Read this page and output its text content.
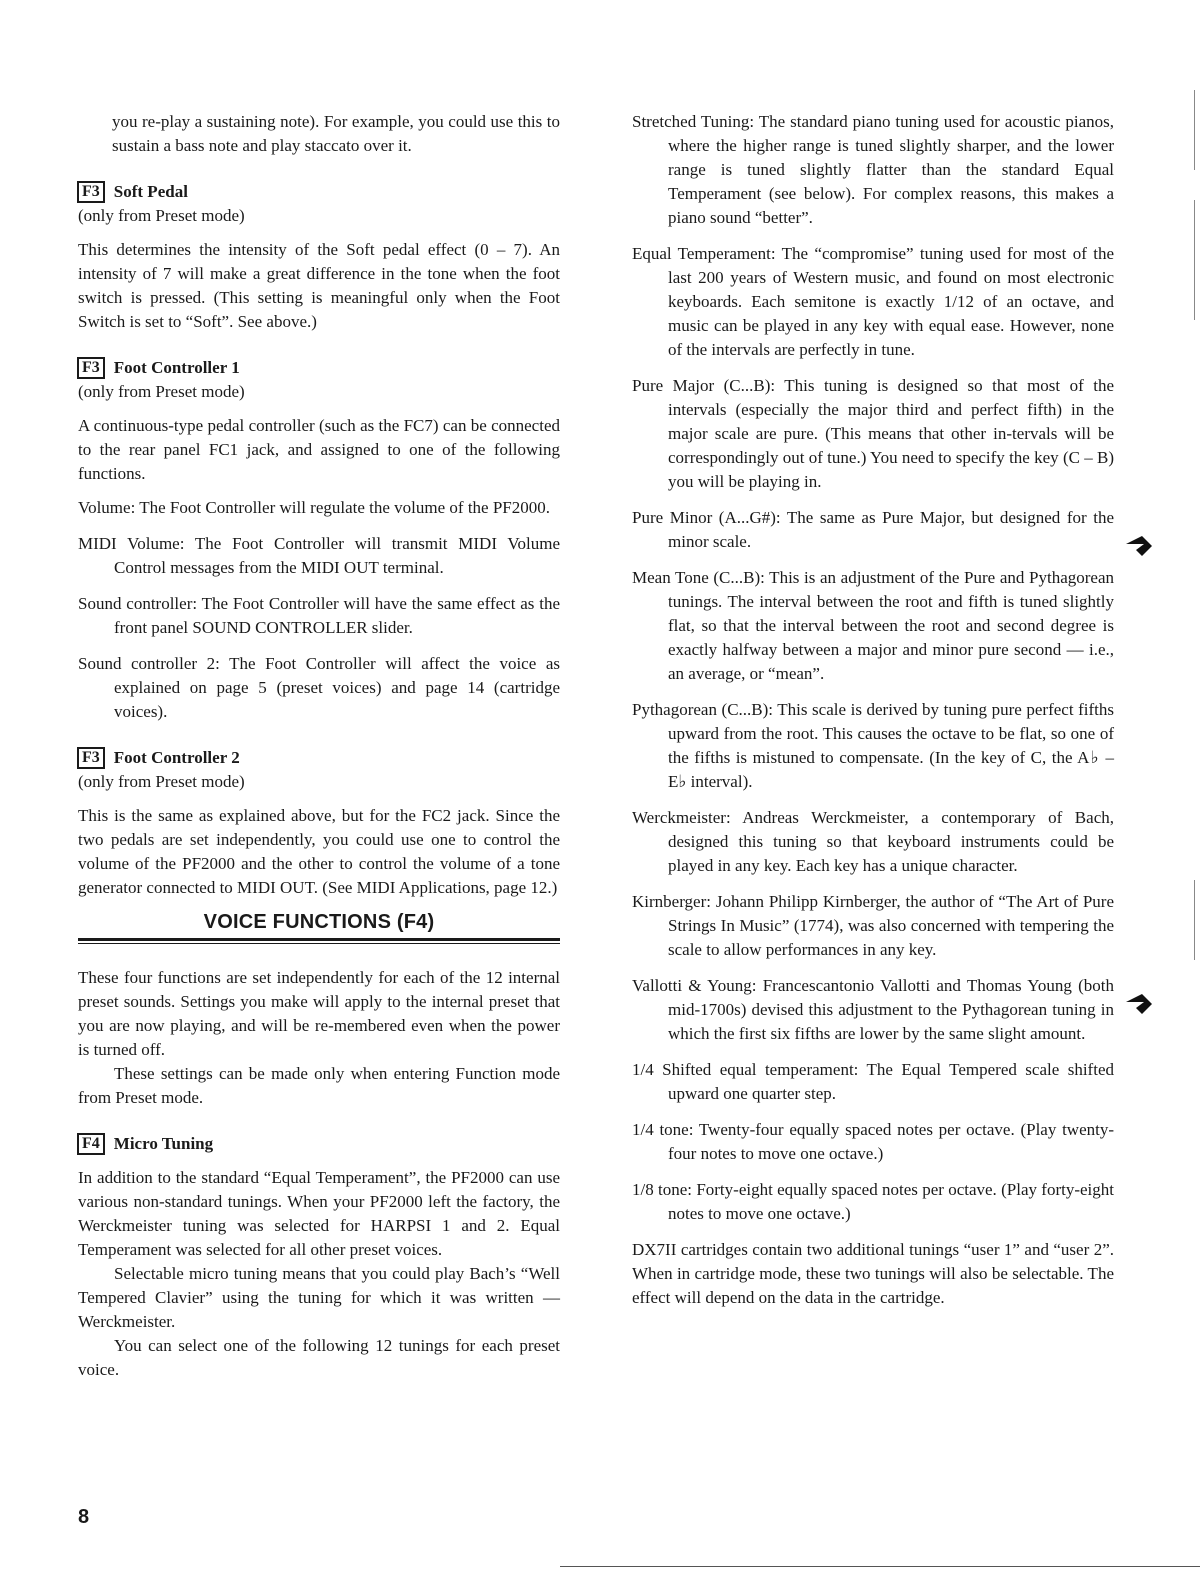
you re-play a sustaining note). For example, you could use this to sustain a bass note and play staccato over it.

F3 Soft Pedal

(only from Preset mode)

This determines the intensity of the Soft pedal effect (0 – 7). An intensity of 7 will make a great difference in the tone when the foot switch is pressed. (This setting is meaningful only when the Foot Switch is set to “Soft”. See above.)

F3 Foot Controller 1

(only from Preset mode)

A continuous-type pedal controller (such as the FC7) can be connected to the rear panel FC1 jack, and assigned to one of the following functions.

Volume: The Foot Controller will regulate the volume of the PF2000.

MIDI Volume: The Foot Controller will transmit MIDI Volume Control messages from the MIDI OUT terminal.

Sound controller: The Foot Controller will have the same effect as the front panel SOUND CONTROLLER slider.

Sound controller 2: The Foot Controller will affect the voice as explained on page 5 (preset voices) and page 14 (cartridge voices).

F3 Foot Controller 2

(only from Preset mode)

This is the same as explained above, but for the FC2 jack. Since the two pedals are set independently, you could use one to control the volume of the PF2000 and the other to control the volume of a tone generator connected to MIDI OUT. (See MIDI Applications, page 12.)

VOICE FUNCTIONS (F4)

These four functions are set independently for each of the 12 internal preset sounds. Settings you make will apply to the internal preset that you are now playing, and will be re-membered even when the power is turned off.

These settings can be made only when entering Function mode from Preset mode.

F4 Micro Tuning

In addition to the standard “Equal Temperament”, the PF2000 can use various non-standard tunings. When your PF2000 left the factory, the Werckmeister tuning was selected for HARPSI 1 and 2. Equal Temperament was selected for all other preset voices.

Selectable micro tuning means that you could play Bach’s “Well Tempered Clavier” using the tuning for which it was written — Werckmeister.

You can select one of the following 12 tunings for each preset voice.

Stretched Tuning: The standard piano tuning used for acoustic pianos, where the higher range is tuned slightly sharper, and the lower range is tuned slightly flatter than the standard Equal Temperament (see below). For complex reasons, this makes a piano sound “better”.

Equal Temperament: The “compromise” tuning used for most of the last 200 years of Western music, and found on most electronic keyboards. Each semitone is exactly 1/12 of an octave, and music can be played in any key with equal ease. However, none of the intervals are perfectly in tune.

Pure Major (C...B): This tuning is designed so that most of the intervals (especially the major third and perfect fifth) in the major scale are pure. (This means that other in-tervals will be correspondingly out of tune.) You need to specify the key (C – B) you will be playing in.

Pure Minor (A...G#): The same as Pure Major, but designed for the minor scale.

Mean Tone (C...B): This is an adjustment of the Pure and Pythagorean tunings. The interval between the root and fifth is tuned slightly flat, so that the interval between the root and second degree is exactly halfway between a major and minor pure second — i.e., an average, or “mean”.

Pythagorean (C...B): This scale is derived by tuning pure perfect fifths upward from the root. This causes the octave to be flat, so one of the fifths is mistuned to compensate. (In the key of C, the A♭ – E♭ interval).

Werckmeister: Andreas Werckmeister, a contemporary of Bach, designed this tuning so that keyboard instruments could be played in any key. Each key has a unique character.

Kirnberger: Johann Philipp Kirnberger, the author of “The Art of Pure Strings In Music” (1774), was also concerned with tempering the scale to allow performances in any key.

Vallotti & Young: Francescantonio Vallotti and Thomas Young (both mid-1700s) devised this adjustment to the Pythagorean tuning in which the first six fifths are lower by the same slight amount.

1/4 Shifted equal temperament: The Equal Tempered scale shifted upward one quarter step.

1/4 tone: Twenty-four equally spaced notes per octave. (Play twenty-four notes to move one octave.)

1/8 tone: Forty-eight equally spaced notes per octave. (Play forty-eight notes to move one octave.)

DX7II cartridges contain two additional tunings “user 1” and “user 2”. When in cartridge mode, these two tunings will also be selectable. The effect will depend on the data in the cartridge.

8
